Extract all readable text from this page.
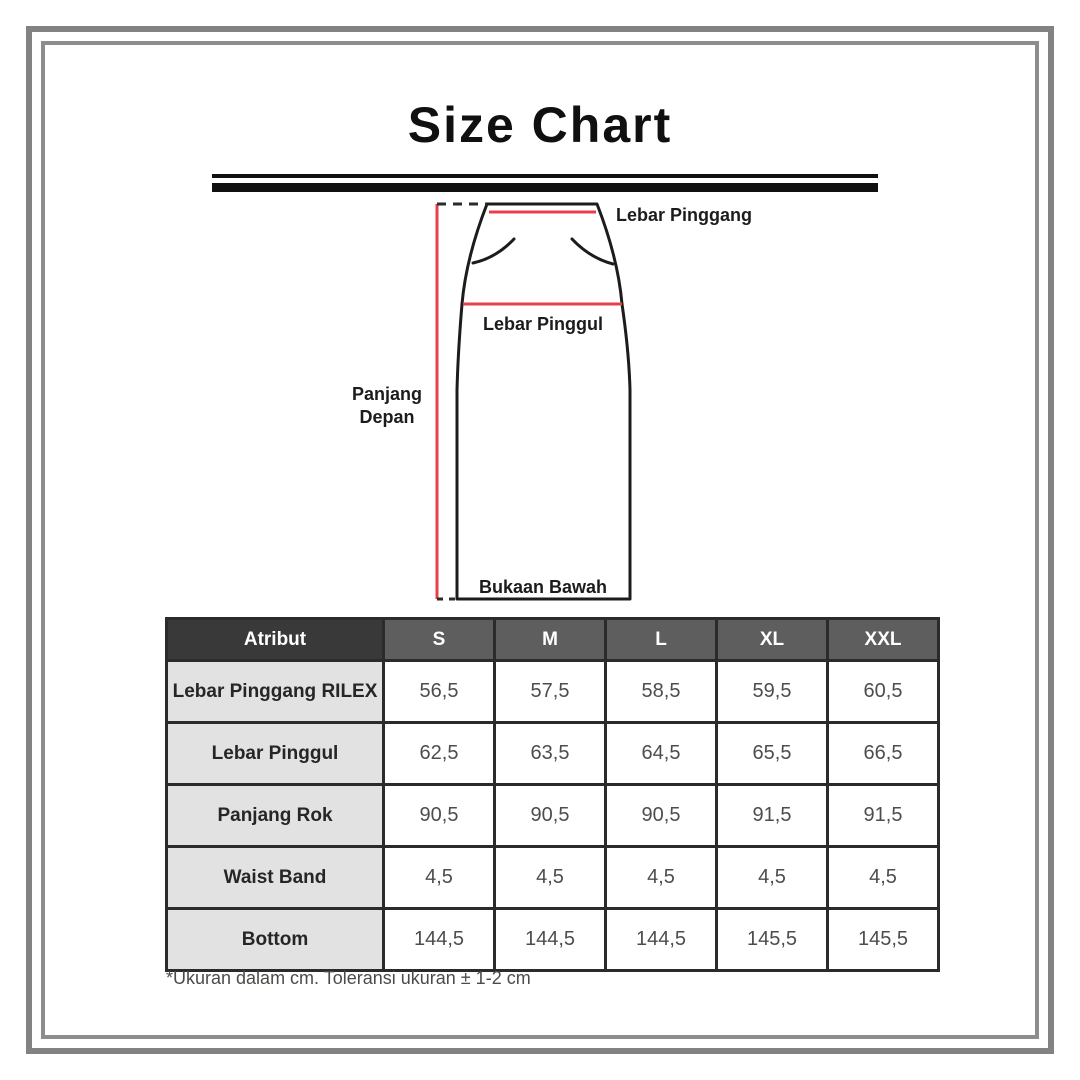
Size Chart
Lebar Pinggang
Lebar Pinggul
Panjang
Depan
Bukaan Bawah
Atribut	S	M	L	XL	XXL
Lebar Pinggang RILEX	56,5	57,5	58,5	59,5	60,5
Lebar Pinggul	62,5	63,5	64,5	65,5	66,5
Panjang Rok	90,5	90,5	90,5	91,5	91,5
Waist Band	4,5	4,5	4,5	4,5	4,5
Bottom	144,5	144,5	144,5	145,5	145,5

*Ukuran dalam cm. Toleransi ukuran ± 1-2 cm
